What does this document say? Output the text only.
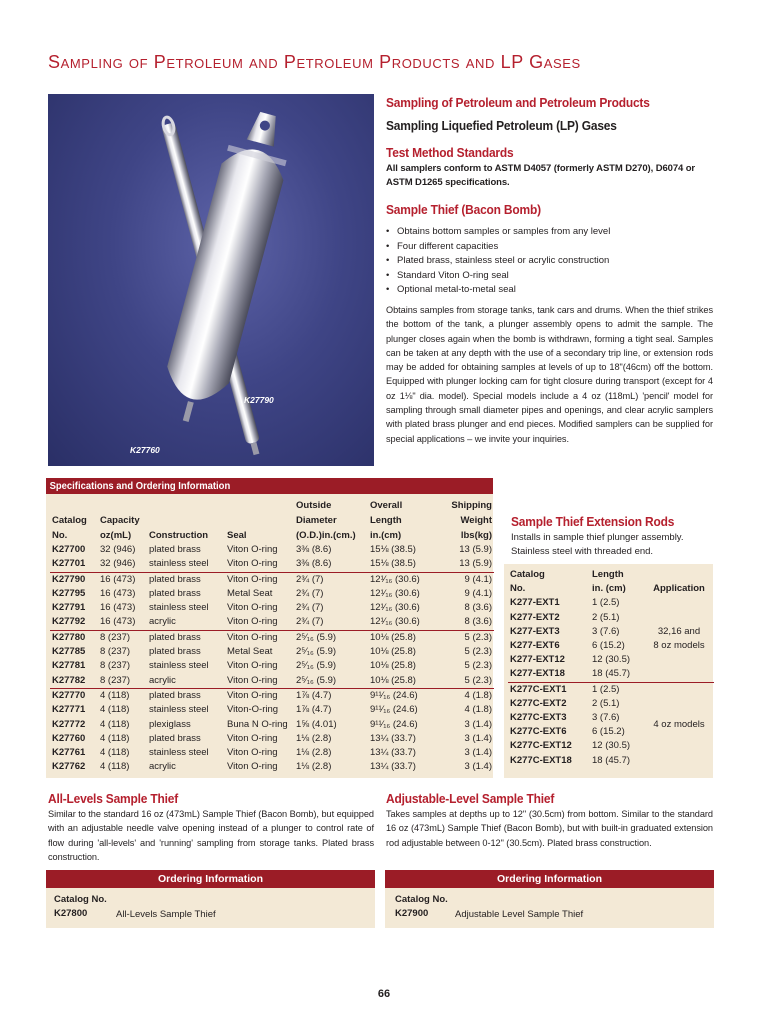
Sampling of Petroleum and Petroleum Products and LP Gases
K27760
K27790
Sampling of Petroleum and Petroleum Products
Sampling Liquefied Petroleum (LP) Gases
Test Method Standards
All samplers conform to ASTM D4057 (formerly ASTM D270), D6074 or ASTM D1265 specifications.
Sample Thief (Bacon Bomb)
• Obtains bottom samples or samples from any level
• Four different capacities
• Plated brass, stainless steel or acrylic construction
• Standard Viton O-ring seal
• Optional metal-to-metal seal
Obtains samples from storage tanks, tank cars and drums. When the thief strikes the bottom of the tank, a plunger assembly opens to admit the sample. The plunger closes again when the bomb is withdrawn, forming a tight seal. Samples can be taken at any depth with the use of a secondary trip line, or extension rods may be added for obtaining samples at levels of up to 18"(46cm) off the bottom. Equipped with plunger locking cam for tight closure during transport (except for 4 oz 1⅛" dia. model). Special models include a 4 oz (118mL) 'pencil' model for sampling through small diameter pipes and openings, and clear acrylic samplers with plated brass plunger and end pieces. Modified samplers can be supplied for special applications – we invite your inquiries.
Specifications and Ordering Information
Catalog
No.	Capacity
oz(mL)	Construction	Seal	Outside
Diameter
(O.D.)in.(cm.)	Overall
Length
in.(cm)	Shipping
Weight
lbs(kg)
K27700	32 (946)	plated brass	Viton O-ring	3⅜ (8.6)	15⅛ (38.5)	13 (5.9)
K27701	32 (946)	stainless steel	Viton O-ring	3⅜ (8.6)	15⅛ (38.5)	13 (5.9)
K27790	16 (473)	plated brass	Viton O-ring	2¾ (7)	12¹⁄₁₆ (30.6)	9 (4.1)
K27795	16 (473)	plated brass	Metal Seat	2¾ (7)	12¹⁄₁₆ (30.6)	9 (4.1)
K27791	16 (473)	stainless steel	Viton O-ring	2¾ (7)	12¹⁄₁₆ (30.6)	8 (3.6)
K27792	16 (473)	acrylic	Viton O-ring	2¾ (7)	12¹⁄₁₆ (30.6)	8 (3.6)
K27780	8 (237)	plated brass	Viton O-ring	2⁵⁄₁₆ (5.9)	10⅛ (25.8)	5 (2.3)
K27785	8 (237)	plated brass	Metal Seat	2⁵⁄₁₆ (5.9)	10⅛ (25.8)	5 (2.3)
K27781	8 (237)	stainless steel	Viton O-ring	2⁵⁄₁₆ (5.9)	10⅛ (25.8)	5 (2.3)
K27782	8 (237)	acrylic	Viton O-ring	2⁵⁄₁₆ (5.9)	10⅛ (25.8)	5 (2.3)
K27770	4 (118)	plated brass	Viton O-ring	1⅞ (4.7)	9¹¹⁄₁₆ (24.6)	4 (1.8)
K27771	4 (118)	stainless steel	Viton-O-ring	1⅞ (4.7)	9¹¹⁄₁₆ (24.6)	4 (1.8)
K27772	4 (118)	plexiglass	Buna N O-ring	1⅝ (4.01)	9¹¹⁄₁₆ (24.6)	3 (1.4)
K27760	4 (118)	plated brass	Viton O-ring	1⅛ (2.8)	13¼ (33.7)	3 (1.4)
K27761	4 (118)	stainless steel	Viton O-ring	1⅛ (2.8)	13¼ (33.7)	3 (1.4)
K27762	4 (118)	acrylic	Viton O-ring	1⅛ (2.8)	13¼ (33.7)	3 (1.4)
Sample Thief Extension Rods
Installs in sample thief plunger assembly. Stainless steel with threaded end.
Catalog
No.	Length
in. (cm)	Application
K277-EXT1	1 (2.5)	32,16 and
8 oz models
K277-EXT2	2 (5.1)	
K277-EXT3	3 (7.6)	
K277-EXT6	6 (15.2)	
K277-EXT12	12 (30.5)	
K277-EXT18	18 (45.7)	
K277C-EXT1	1 (2.5)	4 oz models
K277C-EXT2	2 (5.1)	
K277C-EXT3	3 (7.6)	
K277C-EXT6	6 (15.2)	
K277C-EXT12	12 (30.5)	
K277C-EXT18	18 (45.7)	
All-Levels Sample Thief
Similar to the standard 16 oz (473mL) Sample Thief (Bacon Bomb), but equipped with an adjustable needle valve opening instead of a plunger to control rate of flow during 'all-levels' and 'running' sampling from storage tanks. Plated brass construction.
Ordering Information
Catalog No.
K27800	All-Levels Sample Thief
Adjustable-Level Sample Thief
Takes samples at depths up to 12" (30.5cm) from bottom. Similar to the standard 16 oz (473mL) Sample Thief (Bacon Bomb), but with built-in graduated extension rod adjustable between 0-12" (30.5cm). Plated brass construction.
Ordering Information
Catalog No.
K27900	Adjustable Level Sample Thief
66
